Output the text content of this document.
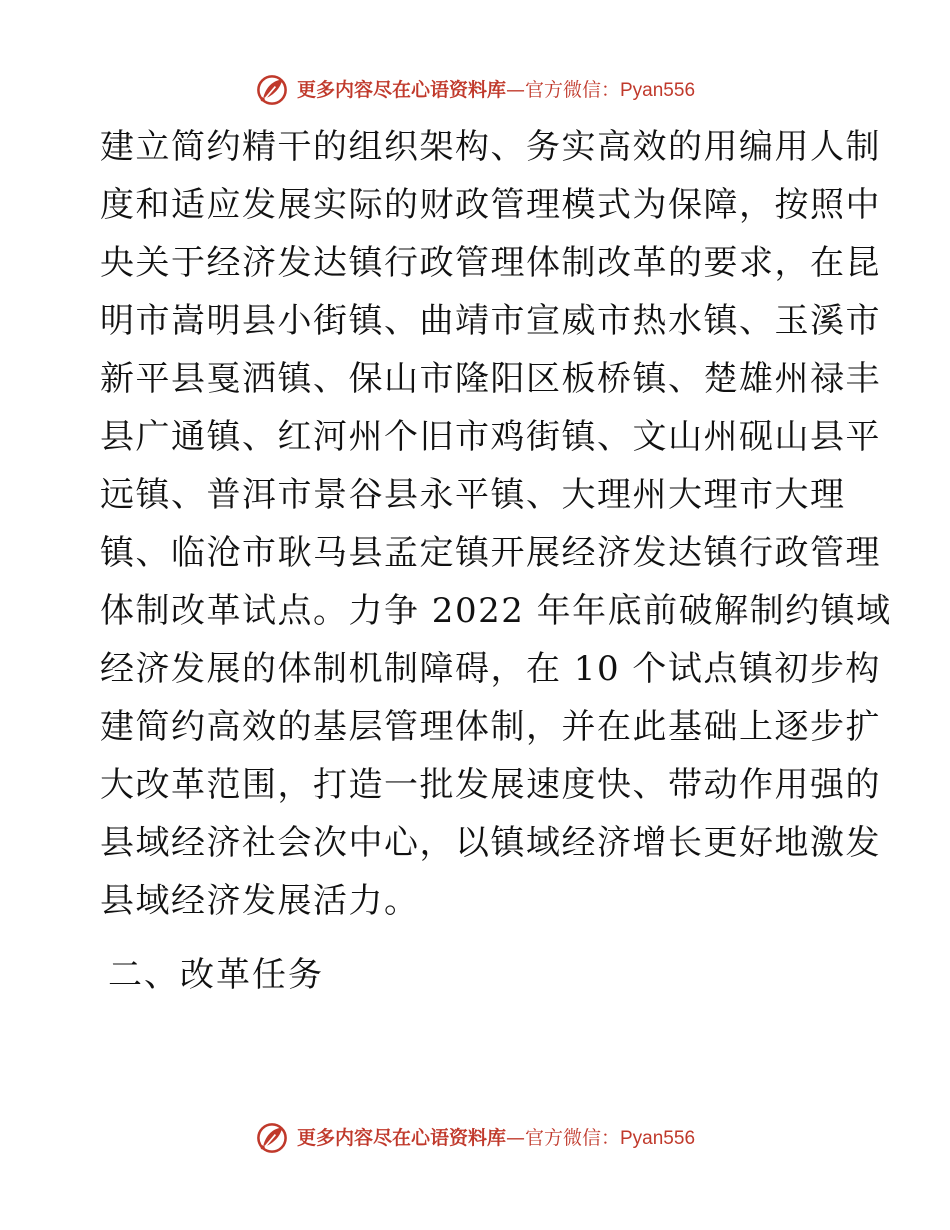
更多内容尽在心语资料库 — 官方微信： Pyan556
建立简约精干的组织架构、务实高效的用编用人制
度和适应发展实际的财政管理模式为保障，按照中
央关于经济发达镇行政管理体制改革的要求，在昆
明市嵩明县小街镇、曲靖市宣威市热水镇、玉溪市
新平县戛洒镇、保山市隆阳区板桥镇、楚雄州禄丰
县广通镇、红河州个旧市鸡街镇、文山州砚山县平
远镇、普洱市景谷县永平镇、大理州大理市大理
镇、临沧市耿马县孟定镇开展经济发达镇行政管理
体制改革试点。力争 2022 年年底前破解制约镇域
经济发展的体制机制障碍，在 10 个试点镇初步构
建简约高效的基层管理体制，并在此基础上逐步扩
大改革范围，打造一批发展速度快、带动作用强的
县域经济社会次中心，以镇域经济增长更好地激发
县域经济发展活力。
二、改革任务
更多内容尽在心语资料库 — 官方微信： Pyan556
